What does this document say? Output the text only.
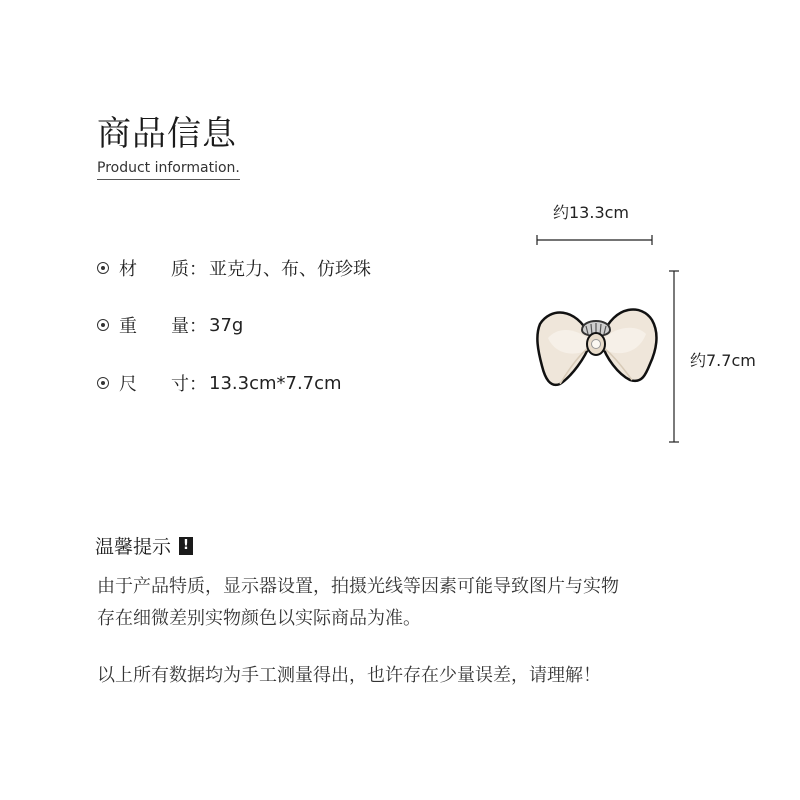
商品信息
Product information.
材	质 ： 亚克力、布、仿珍珠
重	量 ： 37g
尺	寸 ： 13.3cm*7.7cm
约13.3cm
约7.7cm
温馨提示 !
由于产品特质，显示器设置，拍摄光线等因素可能导致图片与实物
存在细微差别实物颜色以实际商品为准。
以上所有数据均为手工测量得出，也许存在少量误差，请理解！
